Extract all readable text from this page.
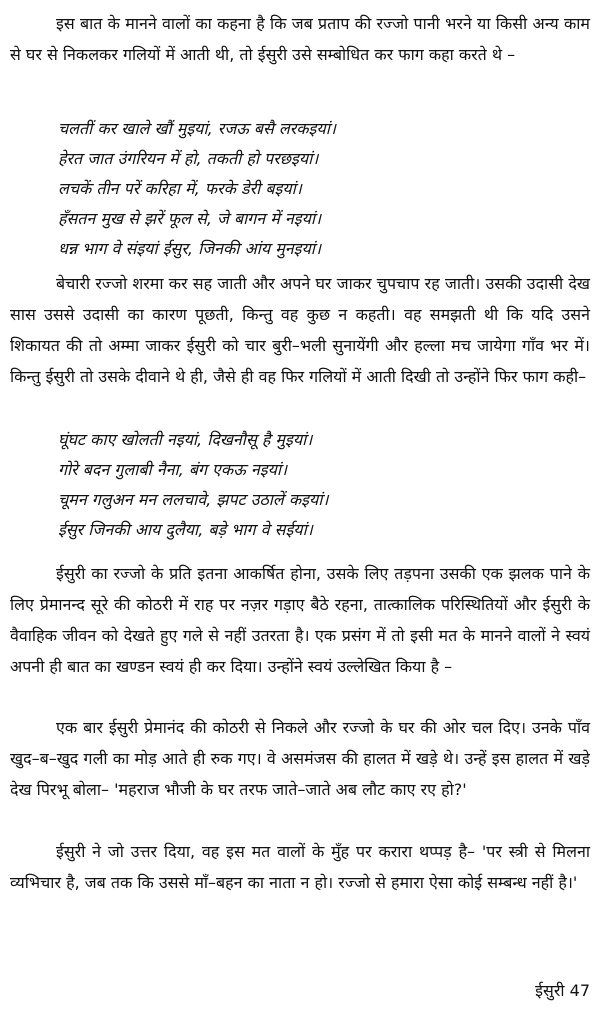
इस बात के मानने वालों का कहना है कि जब प्रताप की रज्जो पानी भरने या किसी अन्य काम से घर से निकलकर गलियों में आती थी, तो ईसुरी उसे सम्बोधित कर फाग कहा करते थे –

चलतीं कर खाले खौं मुइयां, रजऊ बसै लरकइयां।
हेरत जात उंगरियन में हो, तकती हो परछइयां।
लचकें तीन परें करिहा में, फरके डेरी बइयां।
हँसतन मुख से झरें फूल से, जे बागन में नइयां।
धन्न भाग वे संइयां ईसुर, जिनकी आंय मुनइयां।

बेचारी रज्जो शरमा कर सह जाती और अपने घर जाकर चुपचाप रह जाती। उसकी उदासी देख सास उससे उदासी का कारण पूछती, किन्तु वह कुछ न कहती। वह समझती थी कि यदि उसने शिकायत की तो अम्मा जाकर ईसुरी को चार बुरी–भली सुनायेंगी और हल्ला मच जायेगा गाँव भर में। किन्तु ईसुरी तो उसके दीवाने थे ही, जैसे ही वह फिर गलियों में आती दिखी तो उन्होंने फिर फाग कही–

घूंघट काए खोलती नइयां, दिखनौसू है मुइयां।
गोरे बदन गुलाबी नैना, बंग एकऊ नइयां।
चूमन गलुअन मन ललचावे, झपट उठालें कइयां।
ईसुर जिनकी आय दुलैया, बड़े भाग वे सईयां।

ईसुरी का रज्जो के प्रति इतना आकर्षित होना, उसके लिए तड़पना उसकी एक झलक पाने के लिए प्रेमानन्द सूरे की कोठरी में राह पर नज़र गड़ाए बैठे रहना, तात्कालिक परिस्थितियों और ईसुरी के वैवाहिक जीवन को देखते हुए गले से नहीं उतरता है। एक प्रसंग में तो इसी मत के मानने वालों ने स्वयं अपनी ही बात का खण्डन स्वयं ही कर दिया। उन्होंने स्वयं उल्लेखित किया है –

एक बार ईसुरी प्रेमानंद की कोठरी से निकले और रज्जो के घर की ओर चल दिए। उनके पाँव खुद–ब–खुद गली का मोड़ आते ही रुक गए। वे असमंजस की हालत में खड़े थे। उन्हें इस हालत में खड़े देख पिरभू बोला– 'महराज भौजी के घर तरफ जाते–जाते अब लौट काए रए हो?'

ईसुरी ने जो उत्तर दिया, वह इस मत वालों के मुँह पर करारा थप्पड़ है– 'पर स्त्री से मिलना व्यभिचार है, जब तक कि उससे माँ–बहन का नाता न हो। रज्जो से हमारा ऐसा कोई सम्बन्ध नहीं है।'

ईसुरी 47
